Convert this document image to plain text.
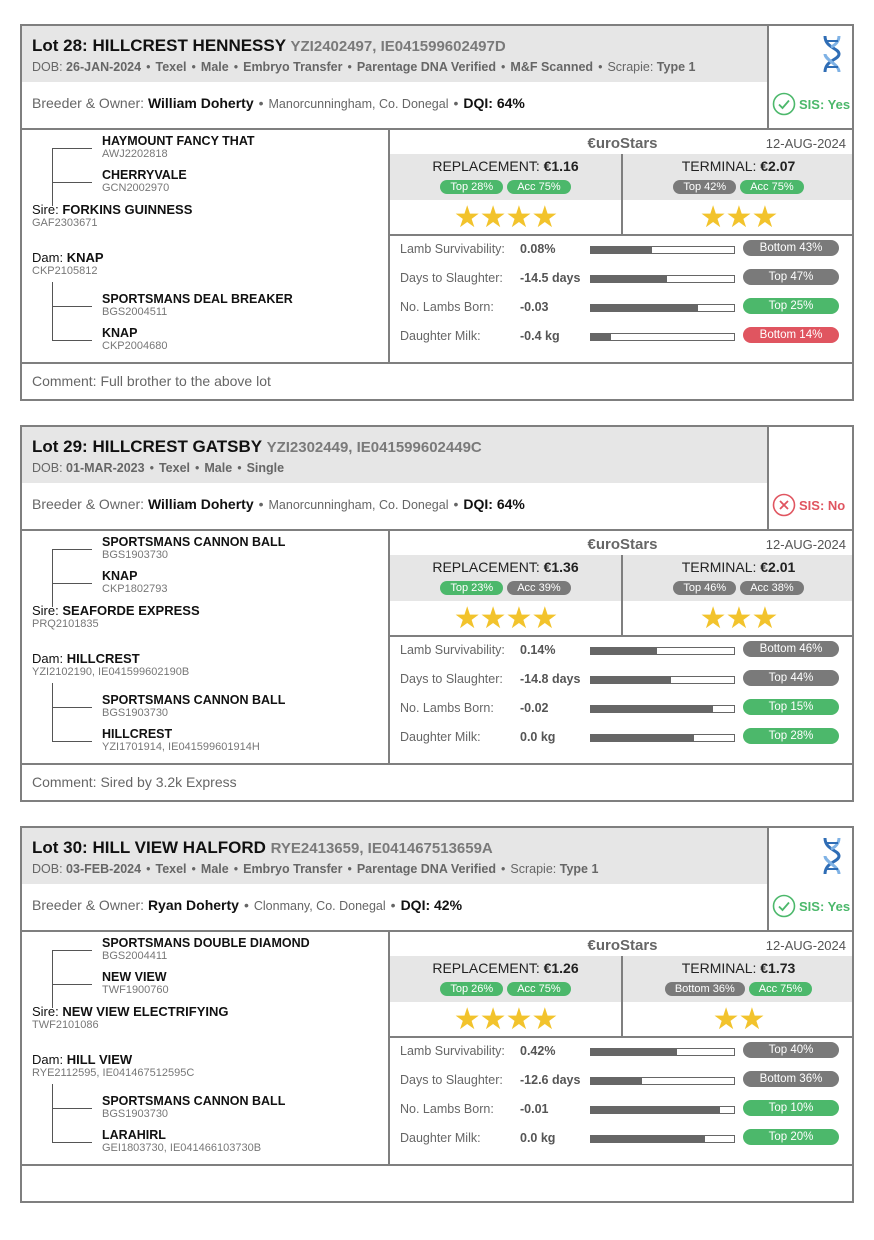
Lot 28: HILLCREST HENNESSY YZI2402497, IE041599602497D
DOB: 26-JAN-2024 • Texel • Male • Embryo Transfer • Parentage DNA Verified • M&F Scanned • Scrapie: Type 1
Breeder & Owner: William Doherty • Manorcunningham, Co. Donegal • DQI: 64%	SIS: Yes
HAYMOUNT FANCY THAT
AWJ2202818
CHERRYVALE
GCN2002970
Sire: FORKINS GUINNESS
GAF2303671
Dam: KNAP
CKP2105812
SPORTSMANS DEAL BREAKER
BGS2004511
KNAP
CKP2004680
€uroStars	12-AUG-2024
REPLACEMENT: €1.16
Top 28% Acc 75%
TERMINAL: €2.07
Top 42% Acc 75%
★★★★	★★★
Lamb Survivability: 0.08%	Bottom 43%
Days to Slaughter: -14.5 days	Top 47%
No. Lambs Born: -0.03	Top 25%
Daughter Milk:	-0.4 kg	Bottom 14%
Comment: Full brother to the above lot
Lot 29: HILLCREST GATSBY YZI2302449, IE041599602449C
DOB: 01-MAR-2023 • Texel • Male • Single
Breeder & Owner: William Doherty • Manorcunningham, Co. Donegal • DQI: 64%	SIS: No
SPORTSMANS CANNON BALL
BGS1903730
KNAP
CKP1802793
Sire: SEAFORDE EXPRESS
PRQ2101835
Dam: HILLCREST
YZI2102190, IE041599602190B
SPORTSMANS CANNON BALL
BGS1903730
HILLCREST
YZI1701914, IE041599601914H
€uroStars	12-AUG-2024
REPLACEMENT: €1.36
Top 23% Acc 39%
TERMINAL: €2.01
Top 46% Acc 38%
★★★★	★★★
Lamb Survivability: 0.14%	Bottom 46%
Days to Slaughter: -14.8 days	Top 44%
No. Lambs Born: -0.02	Top 15%
Daughter Milk:	0.0 kg	Top 28%
Comment: Sired by 3.2k Express
Lot 30: HILL VIEW HALFORD RYE2413659, IE041467513659A
DOB: 03-FEB-2024 • Texel • Male • Embryo Transfer • Parentage DNA Verified • Scrapie: Type 1
Breeder & Owner: Ryan Doherty • Clonmany, Co. Donegal • DQI: 42%	SIS: Yes
SPORTSMANS DOUBLE DIAMOND
BGS2004411
NEW VIEW
TWF1900760
Sire: NEW VIEW ELECTRIFYING
TWF2101086
Dam: HILL VIEW
RYE2112595, IE041467512595C
SPORTSMANS CANNON BALL
BGS1903730
LARAHIRL
GEI1803730, IE041466103730B
€uroStars	12-AUG-2024
REPLACEMENT: €1.26
Top 26% Acc 75%
TERMINAL: €1.73
Bottom 36% Acc 75%
★★★★	★★
Lamb Survivability: 0.42%	Top 40%
Days to Slaughter: -12.6 days	Bottom 36%
No. Lambs Born: -0.01	Top 10%
Daughter Milk:	0.0 kg	Top 20%
